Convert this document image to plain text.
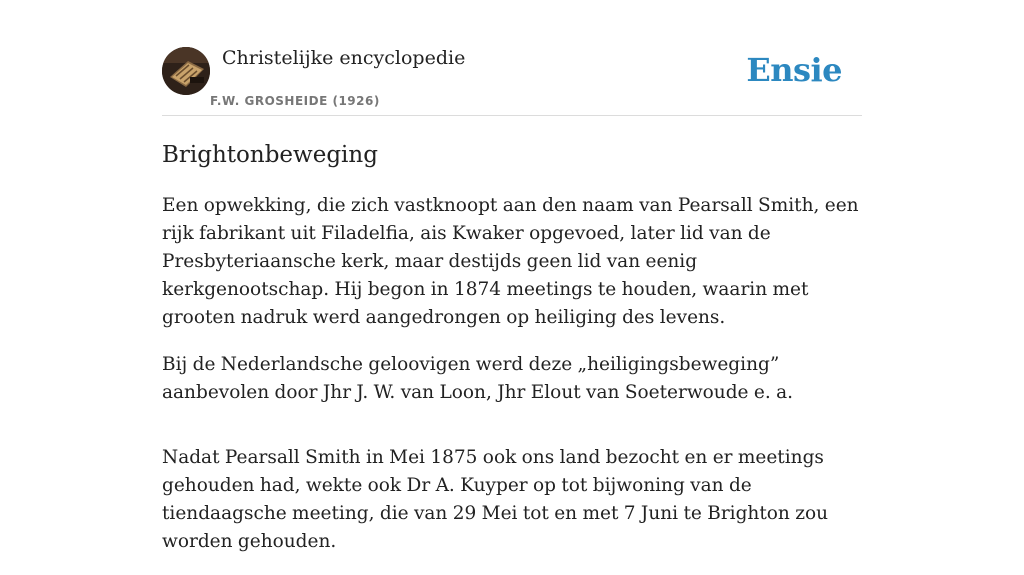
Christelijke encyclopedie
F.W. GROSHEIDE (1926)
Ensie
Brightonbeweging

Een opwekking, die zich vastknoopt aan den naam van Pearsall Smith, een rijk fabrikant uit Filadelfia, ais Kwaker opgevoed, later lid van de Presbyteriaansche kerk, maar destijds geen lid van eenig kerkgenootschap. Hij begon in 1874 meetings te houden, waarin met grooten nadruk werd aangedrongen op heiliging des levens.

Bij de Nederlandsche geloovigen werd deze „heiligingsbeweging” aanbevolen door Jhr J. W. van Loon, Jhr Elout van Soeterwoude e. a.

Nadat Pearsall Smith in Mei 1875 ook ons land bezocht en er meetings gehouden had, wekte ook Dr A. Kuyper op tot bijwoning van de tiendaagsche meeting, die van 29 Mei tot en met 7 Juni te Brighton zou worden gehouden.
